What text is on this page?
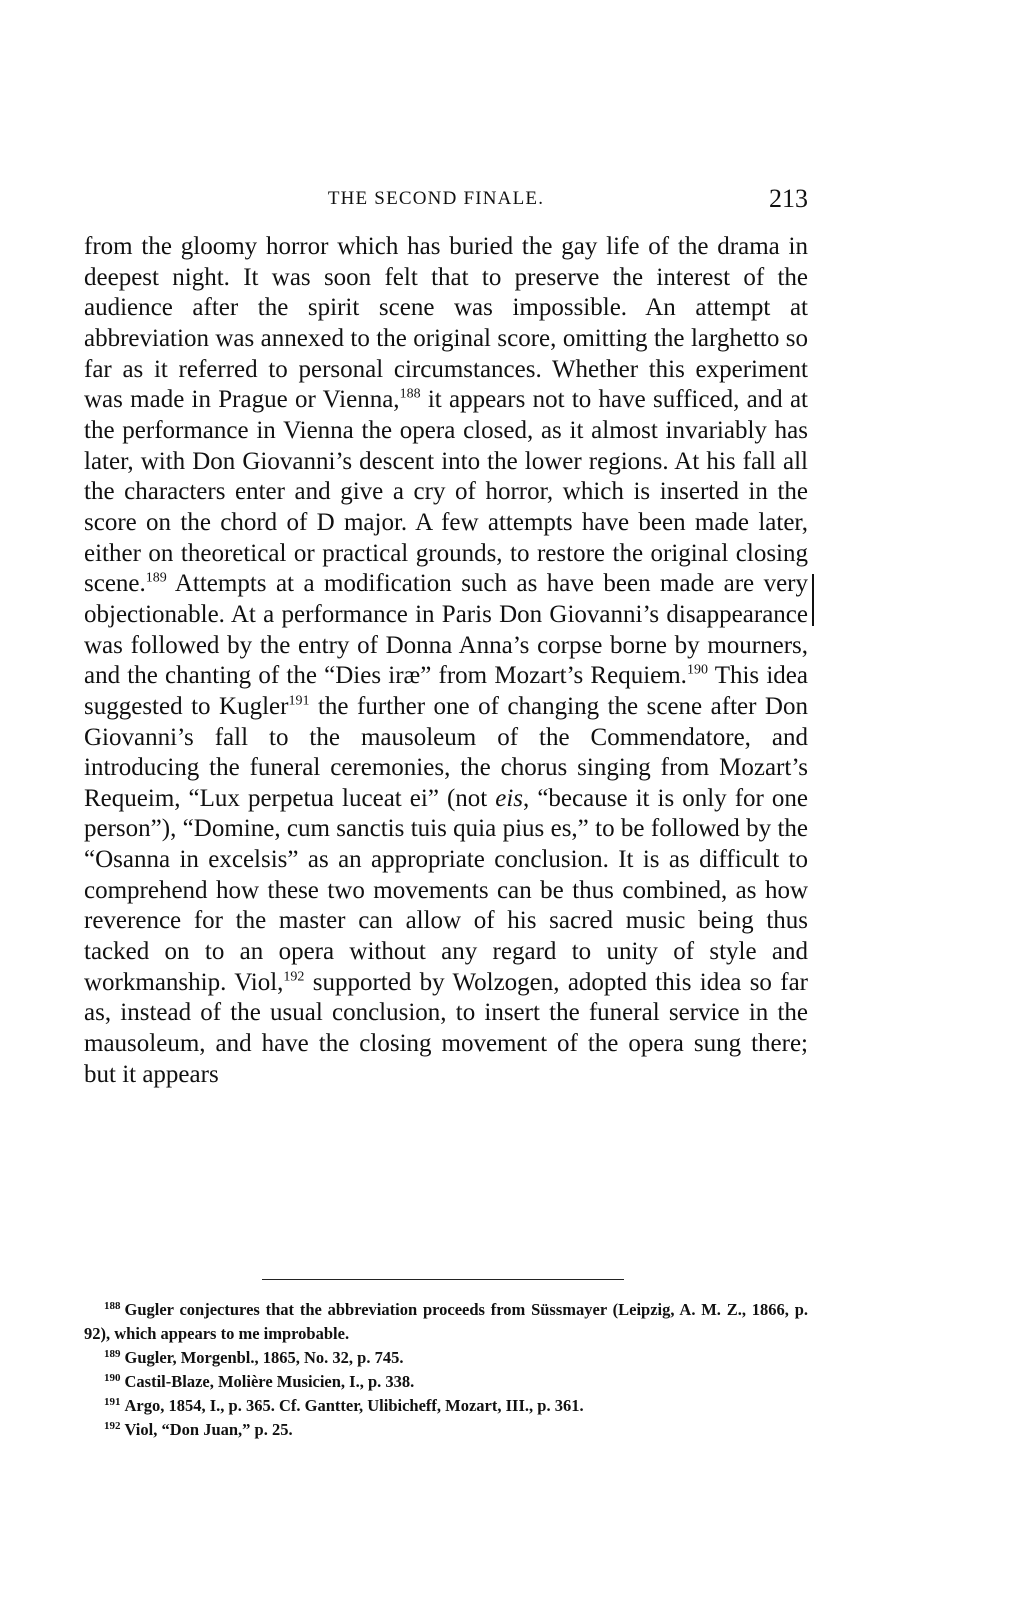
THE SECOND FINALE.	213

from the gloomy horror which has buried the gay life of the drama in deepest night. It was soon felt that to preserve the interest of the audience after the spirit scene was impossible. An attempt at abbreviation was annexed to the original score, omitting the larghetto so far as it referred to personal circumstances. Whether this experiment was made in Prague or Vienna,$^{188}$ it appears not to have sufficed, and at the performance in Vienna the opera closed, as it almost invariably has later, with Don Giovanni’s descent into the lower regions. At his fall all the characters enter and give a cry of horror, which is inserted in the score on the chord of D major. A few attempts have been made later, either on theoretical or practical grounds, to restore the original closing scene.$^{189}$ Attempts at a modification such as have been made are very objectionable. At a performance in Paris Don Giovanni’s disappearance was followed by the entry of Donna Anna’s corpse borne by mourners, and the chanting of the “Dies iræ” from Mozart’s Requiem.$^{190}$ This idea suggested to Kugler$^{191}$ the further one of changing the scene after Don Giovanni’s fall to the mausoleum of the Commendatore, and introducing the funeral ceremonies, the chorus singing from Mozart’s Requeim, “Lux perpetua luceat ei” (not eis, “because it is only for one person”), “Domine, cum sanctis tuis quia pius es,” to be followed by the “Osanna in excelsis” as an appropriate conclusion. It is as difficult to comprehend how these two movements can be thus combined, as how reverence for the master can allow of his sacred music being thus tacked on to an opera without any regard to unity of style and workmanship. Viol,$^{192}$ supported by Wolzogen, adopted this idea so far as, instead of the usual conclusion, to insert the funeral service in the mausoleum, and have the closing movement of the opera sung there; but it appears

$^{188}$ Gugler conjectures that the abbreviation proceeds from Süssmayer (Leipzig, A. M. Z., 1866, p. 92), which appears to me improbable.

$^{189}$ Gugler, Morgenbl., 1865, No. 32, p. 745.

$^{190}$ Castil-Blaze, Molière Musicien, I., p. 338.

$^{191}$ Argo, 1854, I., p. 365. Cf. Gantter, Ulibicheff, Mozart, III., p. 361.

$^{192}$ Viol, “Don Juan,” p. 25.
